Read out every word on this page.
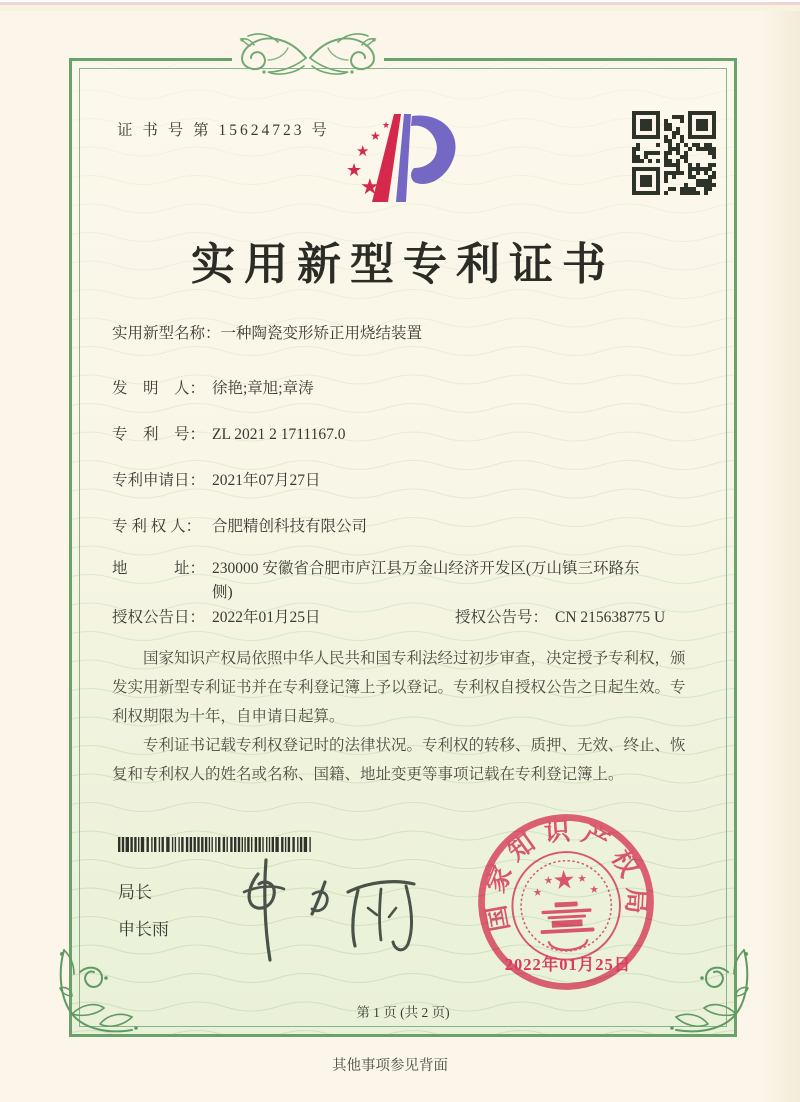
证 书 号 第 15624723 号
★
★
★
★
★
实用新型专利证书
实用新型名称：一种陶瓷变形矫正用烧结装置
发　明　人： 徐艳;章旭;章涛
专　利　号： ZL 2021 2 1711167.0
专利申请日： 2021年07月27日
专 利 权 人： 合肥精创科技有限公司
地　　　址： 230000 安徽省合肥市庐江县万金山经济开发区(万山镇三环路东侧)
授权公告日： 2022年01月25日	授权公告号： CN 215638775 U

国家知识产权局依照中华人民共和国专利法经过初步审查，决定授予专利权，颁发实用新型专利证书并在专利登记簿上予以登记。专利权自授权公告之日起生效。专利权期限为十年，自申请日起算。

专利证书记载专利权登记时的法律状况。专利权的转移、质押、无效、终止、恢复和专利权人的姓名或名称、国籍、地址变更等事项记载在专利登记簿上。

局长
申长雨	国家知识产权局
★
★
★ ★
★
2022年01月25日
第 1 页 (共 2 页)
其他事项参见背面
